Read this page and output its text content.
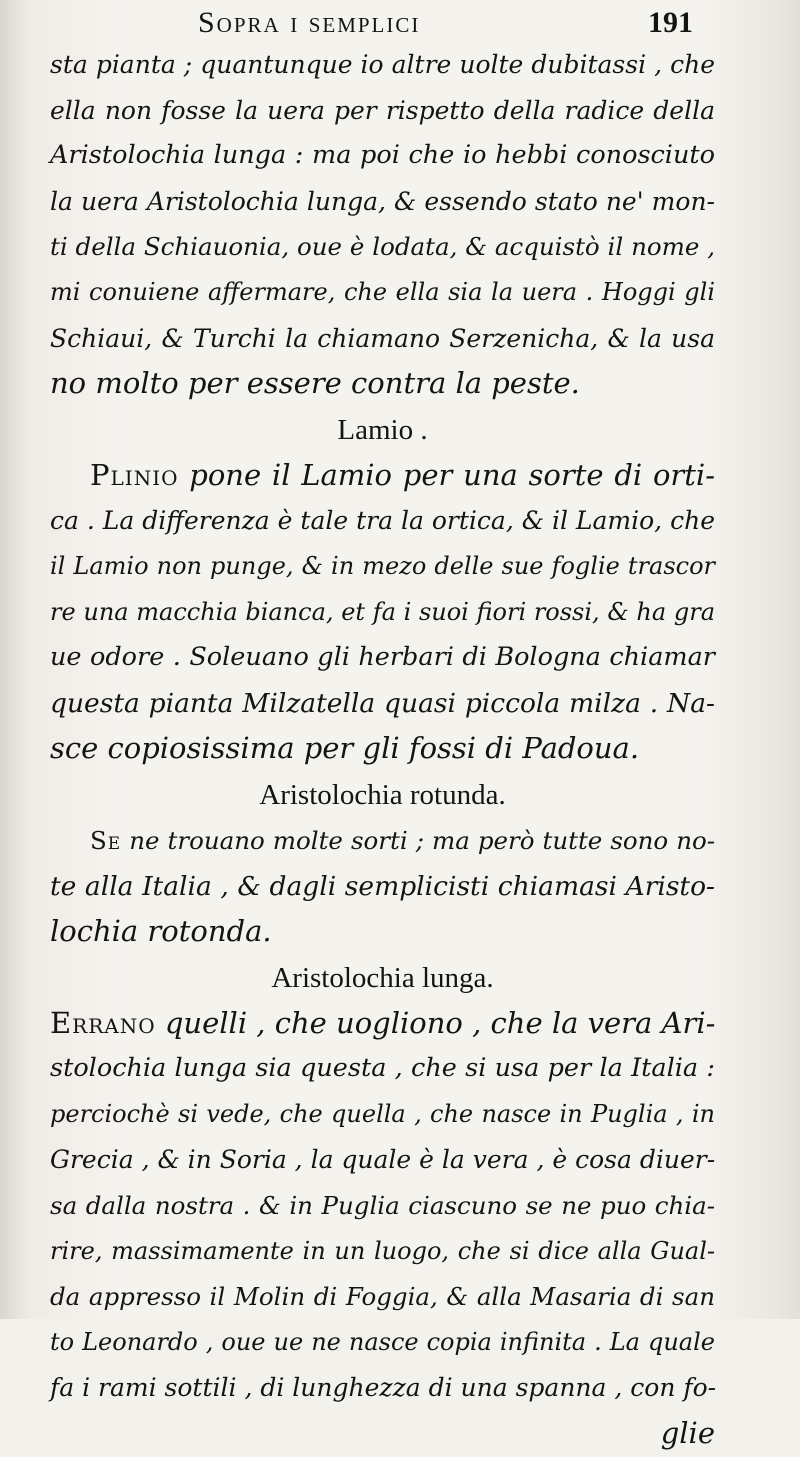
Sopra i semplici	191
sta pianta ; quantunque io altre uolte dubitassi , che
ella non fosse la uera per rispetto della radice della
Aristolochia lunga : ma poi che io hebbi conosciuto
la uera Aristolochia lunga, & essendo stato ne' mon-
ti della Schiauonia, oue è lodata, & acquistò il nome ,
mi conuiene affermare, che ella sia la uera . Hoggi gli
Schiaui, & Turchi la chiamano Serzenicha, & la usa
no molto per essere contra la peste.
Lamio .
Plinio pone il Lamio per una sorte di orti-
ca . La differenza è tale tra la ortica, & il Lamio, che
il Lamio non punge, & in mezo delle sue foglie trascor
re una macchia bianca, et fa i suoi fiori rossi, & ha gra
ue odore . Soleuano gli herbari di Bologna chiamar
questa pianta Milzatella quasi piccola milza . Na-
sce copiosissima per gli fossi di Padoua.
Aristolochia rotunda.
Se ne trouano molte sorti ; ma però tutte sono no-
te alla Italia , & dagli semplicisti chiamasi Aristo-
lochia rotonda.
Aristolochia lunga.
Errano quelli , che uogliono , che la vera Ari-
stolochia lunga sia questa , che si usa per la Italia :
perciochè si vede, che quella , che nasce in Puglia , in
Grecia , & in Soria , la quale è la vera , è cosa diuer-
sa dalla nostra . & in Puglia ciascuno se ne puo chia-
rire, massimamente in un luogo, che si dice alla Gual-
da appresso il Molin di Foggia, & alla Masaria di san
to Leonardo , oue ue ne nasce copia infinita . La quale
fa i rami sottili , di lunghezza di una spanna , con fo-
glie
